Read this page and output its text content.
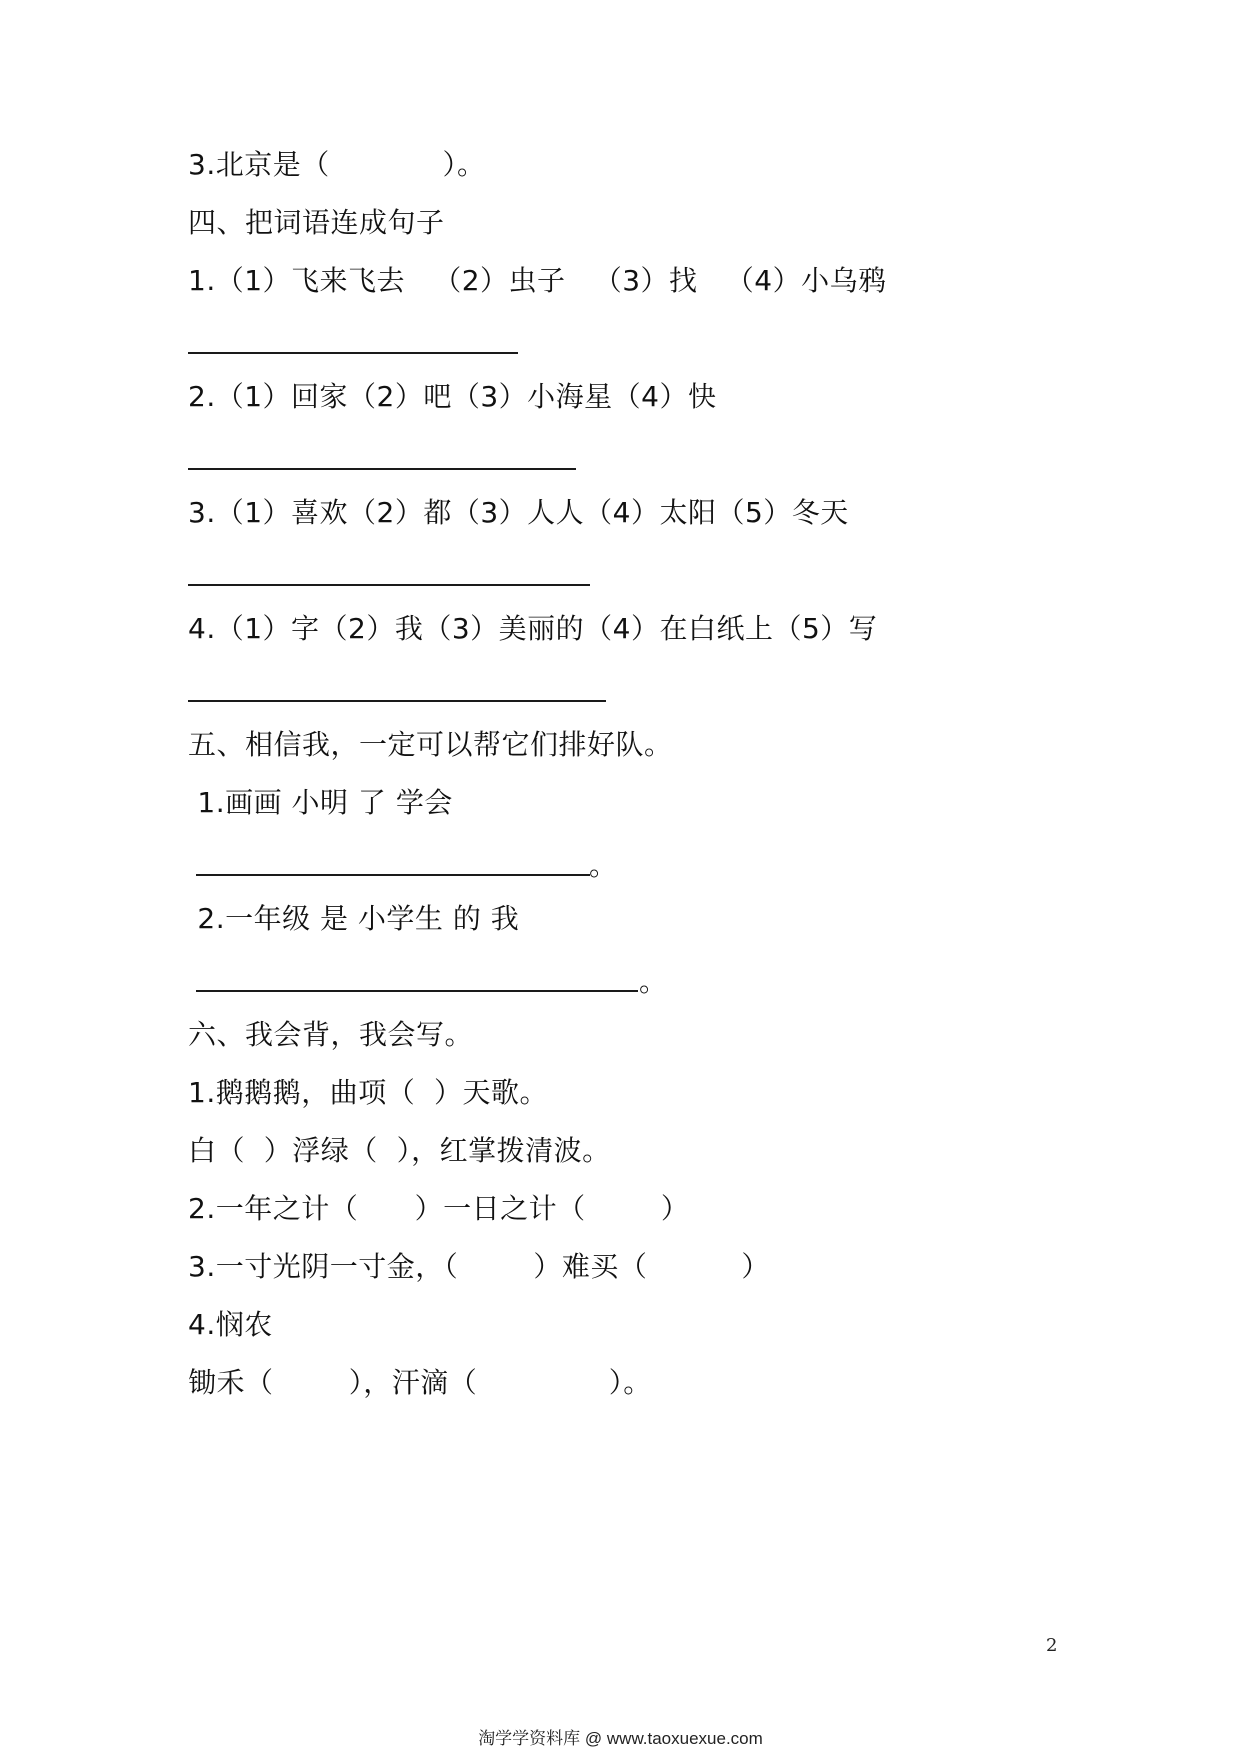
3.北京是（            ）。
四、把词语连成句子
1.（1）飞来飞去   （2）虫子   （3）找   （4）小乌鸦
2.（1）回家（2）吧（3）小海星（4）快
3.（1）喜欢（2）都（3）人人（4）太阳（5）冬天
4.（1）字（2）我（3）美丽的（4）在白纸上（5）写
五、相信我，一定可以帮它们排好队。
1.画画 小明 了 学会
。
2.一年级 是 小学生 的 我
。
六、我会背，我会写。
1.鹅鹅鹅，曲项（  ）天歌。
白（  ）浮绿（  ），红掌拨清波。
2.一年之计（      ）一日之计（        ）
3.一寸光阴一寸金，（        ）难买（          ）
4.悯农
锄禾（        ），汗滴（              ）。
2
淘学学资料库 @ www.taoxuexue.com
